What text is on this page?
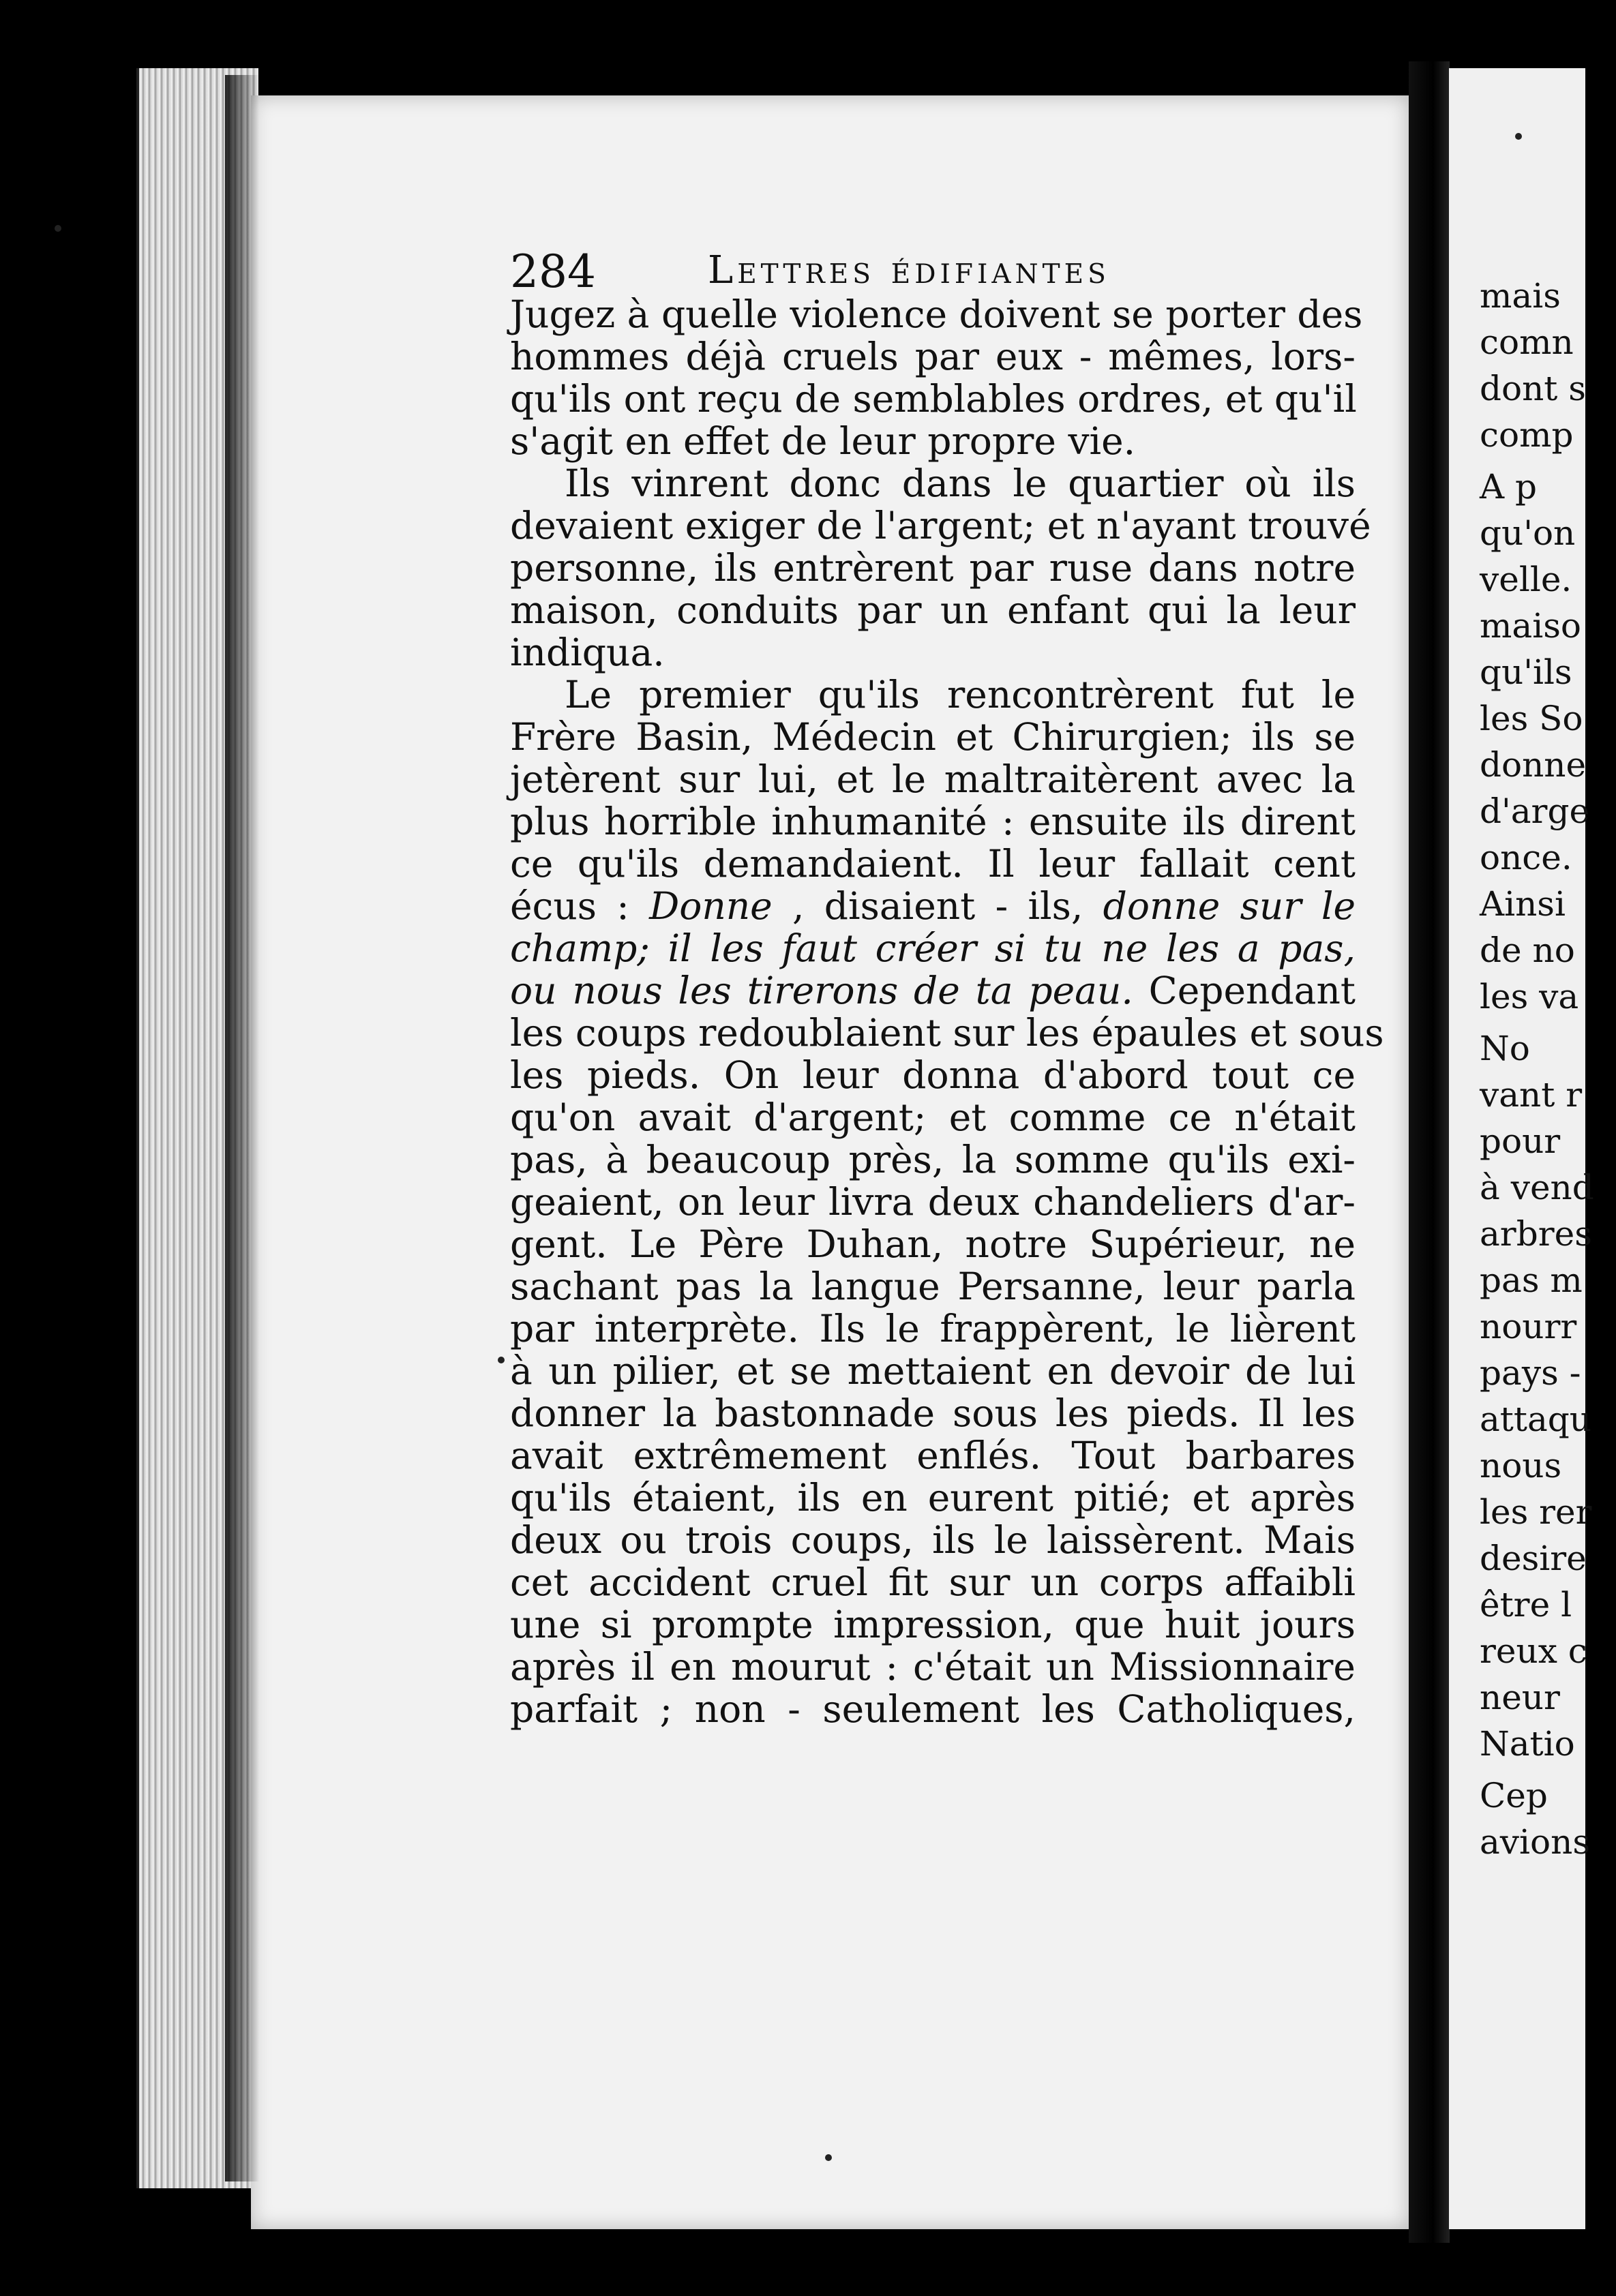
284	Lettres édifiantes
Jugez à quelle violence doivent se porter des
hommes déjà cruels par eux - mêmes, lors-
qu'ils ont reçu de semblables ordres, et qu'il
s'agit en effet de leur propre vie.
Ils vinrent donc dans le quartier où ils
devaient exiger de l'argent; et n'ayant trouvé
personne, ils entrèrent par ruse dans notre
maison, conduits par un enfant qui la leur
indiqua.
Le premier qu'ils rencontrèrent fut le
Frère Basin, Médecin et Chirurgien; ils se
jetèrent sur lui, et le maltraitèrent avec la
plus horrible inhumanité : ensuite ils dirent
ce qu'ils demandaient. Il leur fallait cent
écus : Donne , disaient - ils, donne sur le
champ; il les faut créer si tu ne les a pas,
ou nous les tirerons de ta peau. Cependant
les coups redoublaient sur les épaules et sous
les pieds. On leur donna d'abord tout ce
qu'on avait d'argent; et comme ce n'était
pas, à beaucoup près, la somme qu'ils exi-
geaient, on leur livra deux chandeliers d'ar-
gent. Le Père Duhan, notre Supérieur, ne
sachant pas la langue Persanne, leur parla
par interprète. Ils le frappèrent, le lièrent
à un pilier, et se mettaient en devoir de lui
donner la bastonnade sous les pieds. Il les
avait extrêmement enflés. Tout barbares
qu'ils étaient, ils en eurent pitié; et après
deux ou trois coups, ils le laissèrent. Mais
cet accident cruel fit sur un corps affaibli
une si prompte impression, que huit jours
après il en mourut : c'était un Missionnaire
parfait ; non - seulement les Catholiques,
mais
comn
dont s
comp
A p
qu'on
velle.
maiso
qu'ils
les So
donne
d'arge
once.
Ainsi
de no
les va
No
vant r
pour
à vend
arbres
pas m
nourr
pays -
attaqu
nous
les rer
desire
être l
reux c
neur
Natio
Cep
avions
